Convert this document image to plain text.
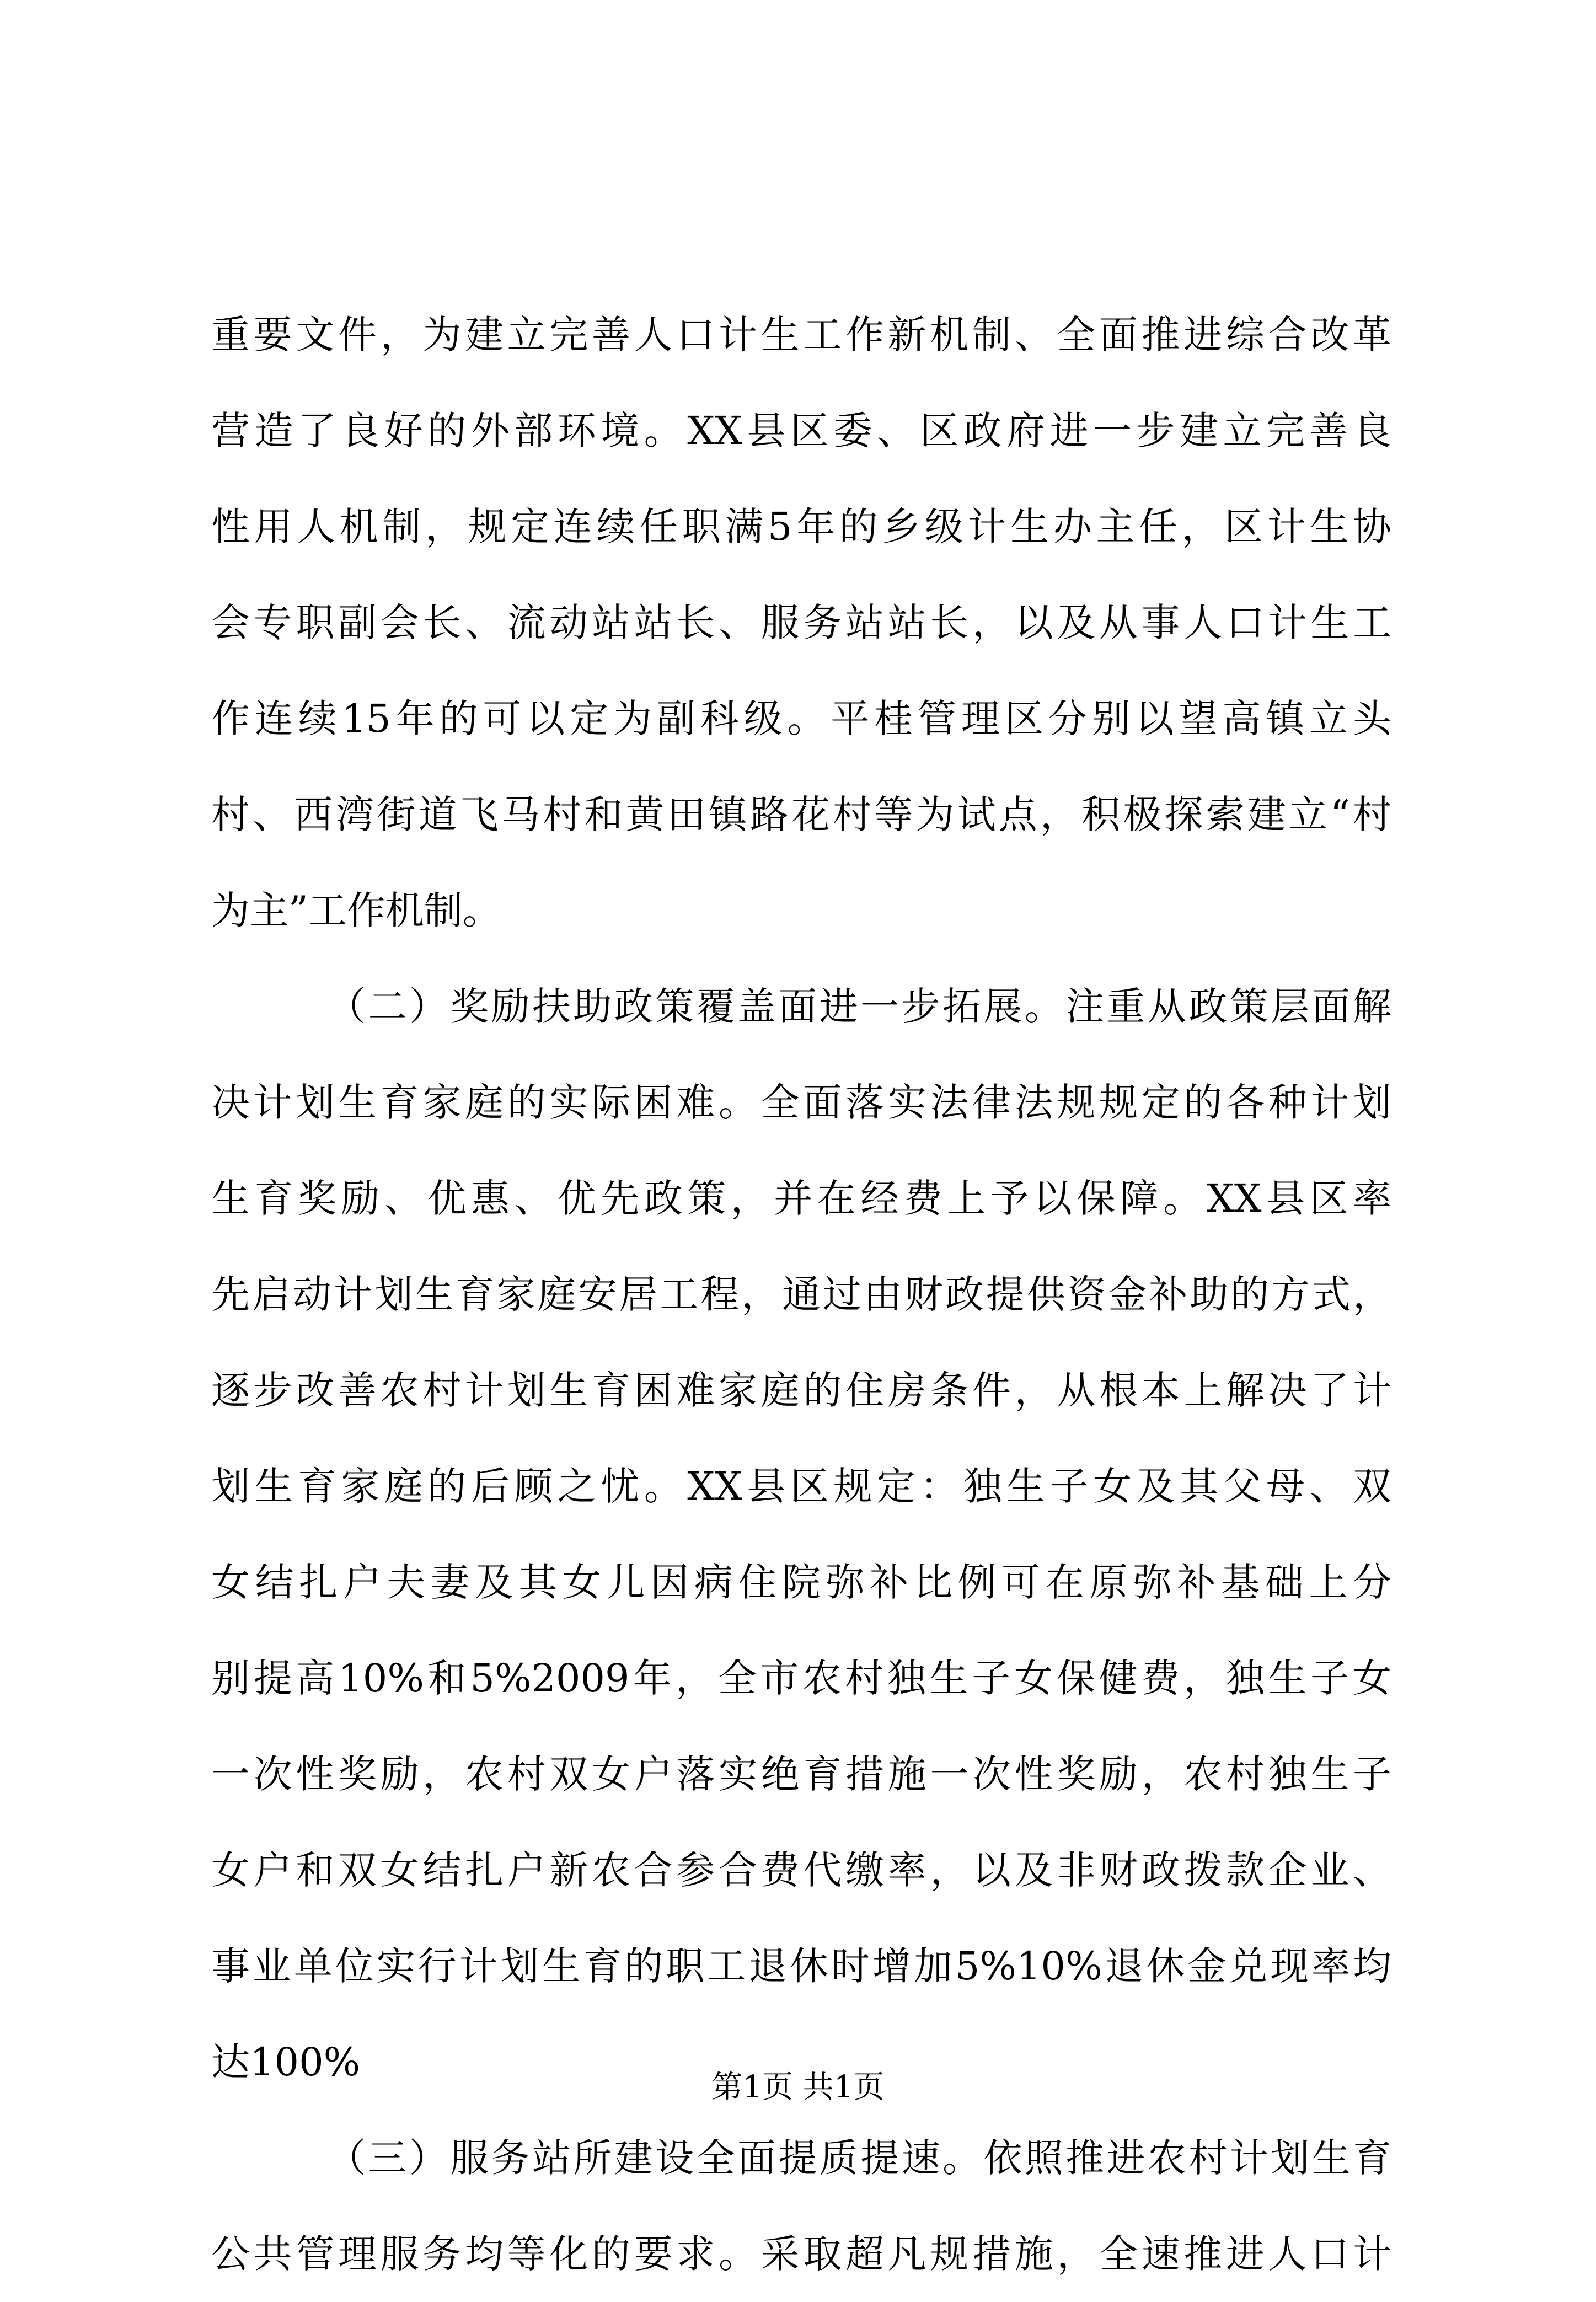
重要文件，为建立完善人口计生工作新机制、全面推进综合改革
营造了良好的外部环境。XX县区委、区政府进一步建立完善良
性用人机制，规定连续任职满5年的乡级计生办主任，区计生协
会专职副会长、流动站站长、服务站站长，以及从事人口计生工
作连续15年的可以定为副科级。平桂管理区分别以望高镇立头
村、西湾街道飞马村和黄田镇路花村等为试点，积极探索建立“村
为主”工作机制。
（二）奖励扶助政策覆盖面进一步拓展。注重从政策层面解
决计划生育家庭的实际困难。全面落实法律法规规定的各种计划
生育奖励、优惠、优先政策，并在经费上予以保障。XX县区率
先启动计划生育家庭安居工程，通过由财政提供资金补助的方式，
逐步改善农村计划生育困难家庭的住房条件，从根本上解决了计
划生育家庭的后顾之忧。XX县区规定：独生子女及其父母、双
女结扎户夫妻及其女儿因病住院弥补比例可在原弥补基础上分
别提高10%和5%2009年，全市农村独生子女保健费，独生子女
一次性奖励，农村双女户落实绝育措施一次性奖励，农村独生子
女户和双女结扎户新农合参合费代缴率，以及非财政拨款企业、
事业单位实行计划生育的职工退休时增加5%10%退休金兑现率均
达100%
（三）服务站所建设全面提质提速。依照推进农村计划生育
公共管理服务均等化的要求。采取超凡规措施，全速推进人口计
第1页 共1页
